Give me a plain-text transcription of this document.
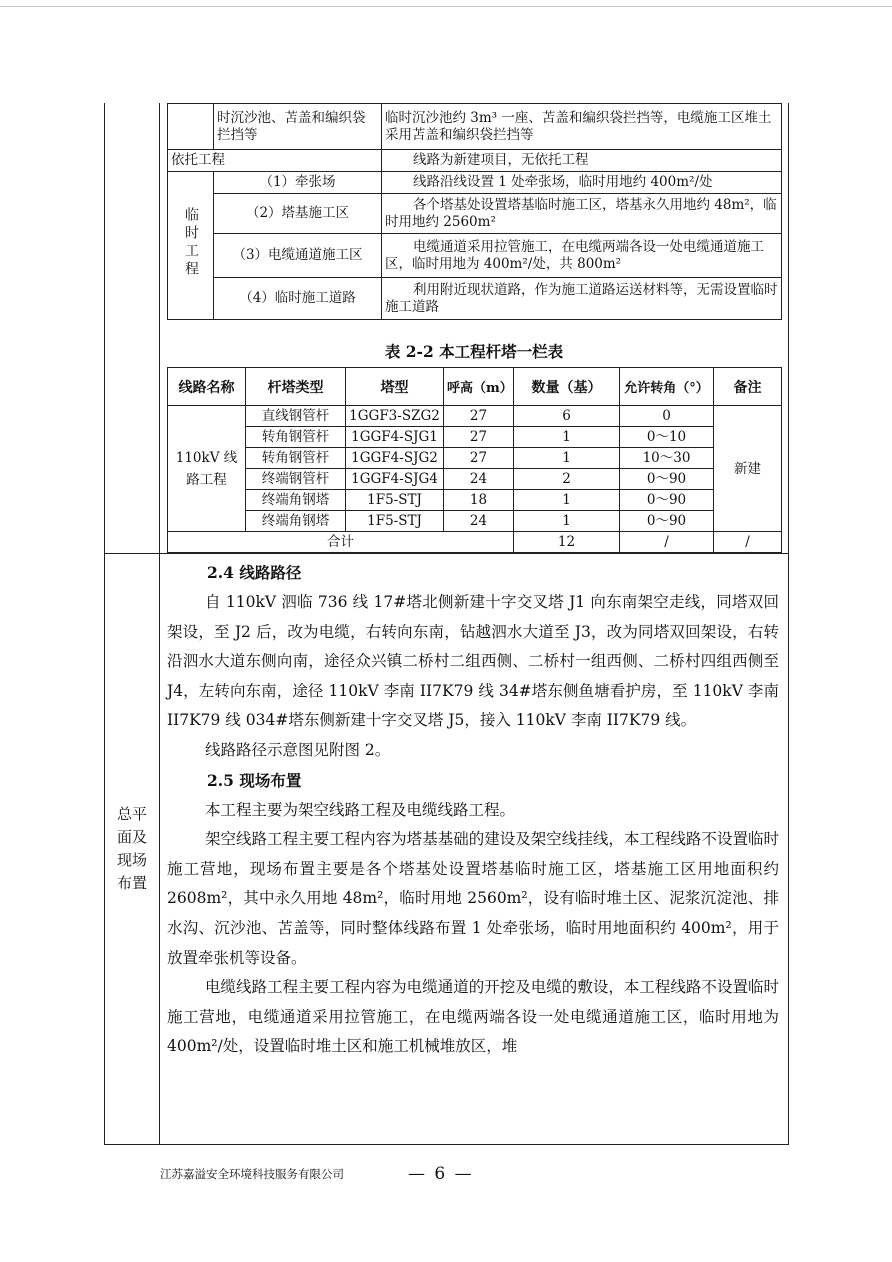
总平面及现场布置
	时沉沙池、苫盖和编织袋拦挡等	临时沉沙池约 3m³ 一座、苫盖和编织袋拦挡等，电缆施工区堆土采用苫盖和编织袋拦挡等
依托工程		线路为新建项目，无依托工程
临时工程	（1）牵张场	线路沿线设置 1 处牵张场，临时用地约 400m²/处
	（2）塔基施工区	各个塔基处设置塔基临时施工区，塔基永久用地约 48m²，临时用地约 2560m²
	（3）电缆通道施工区	电缆通道采用拉管施工，在电缆两端各设一处电缆通道施工区，临时用地为 400m²/处，共 800m²
	（4）临时施工道路	利用附近现状道路，作为施工道路运送材料等，无需设置临时施工道路
表 2-2 本工程杆塔一栏表
线路名称	杆塔类型	塔型	呼高（m）	数量（基）	允许转角（°）	备注
110kV 线路工程	直线钢管杆	1GGF3-SZG2	27	6	0	新建
	转角钢管杆	1GGF4-SJG1	27	1	0～10	
	转角钢管杆	1GGF4-SJG2	27	1	10～30	
	终端钢管杆	1GGF4-SJG4	24	2	0～90	
	终端角钢塔	1F5-STJ	18	1	0～90	
	终端角钢塔	1F5-STJ	24	1	0～90	
合计				12	/	/
2.4 线路路径

自 110kV 泗临 736 线 17#塔北侧新建十字交叉塔 J1 向东南架空走线，同塔双回架设，至 J2 后，改为电缆，右转向东南，钻越泗水大道至 J3，改为同塔双回架设，右转沿泗水大道东侧向南，途径众兴镇二桥村二组西侧、二桥村一组西侧、二桥村四组西侧至 J4，左转向东南，途径 110kV 李南 II7K79 线 34#塔东侧鱼塘看护房，至 110kV 李南 II7K79 线 034#塔东侧新建十字交叉塔 J5，接入 110kV 李南 II7K79 线。

线路路径示意图见附图 2。

2.5 现场布置

本工程主要为架空线路工程及电缆线路工程。

架空线路工程主要工程内容为塔基基础的建设及架空线挂线，本工程线路不设置临时施工营地，现场布置主要是各个塔基处设置塔基临时施工区，塔基施工区用地面积约 2608m²，其中永久用地 48m²，临时用地 2560m²，设有临时堆土区、泥浆沉淀池、排水沟、沉沙池、苫盖等，同时整体线路布置 1 处牵张场，临时用地面积约 400m²，用于放置牵张机等设备。

电缆线路工程主要工程内容为电缆通道的开挖及电缆的敷设，本工程线路不设置临时施工营地，电缆通道采用拉管施工，在电缆两端各设一处电缆通道施工区，临时用地为 400m²/处，设置临时堆土区和施工机械堆放区，堆

江苏嘉溢安全环境科技服务有限公司	— 6 —
